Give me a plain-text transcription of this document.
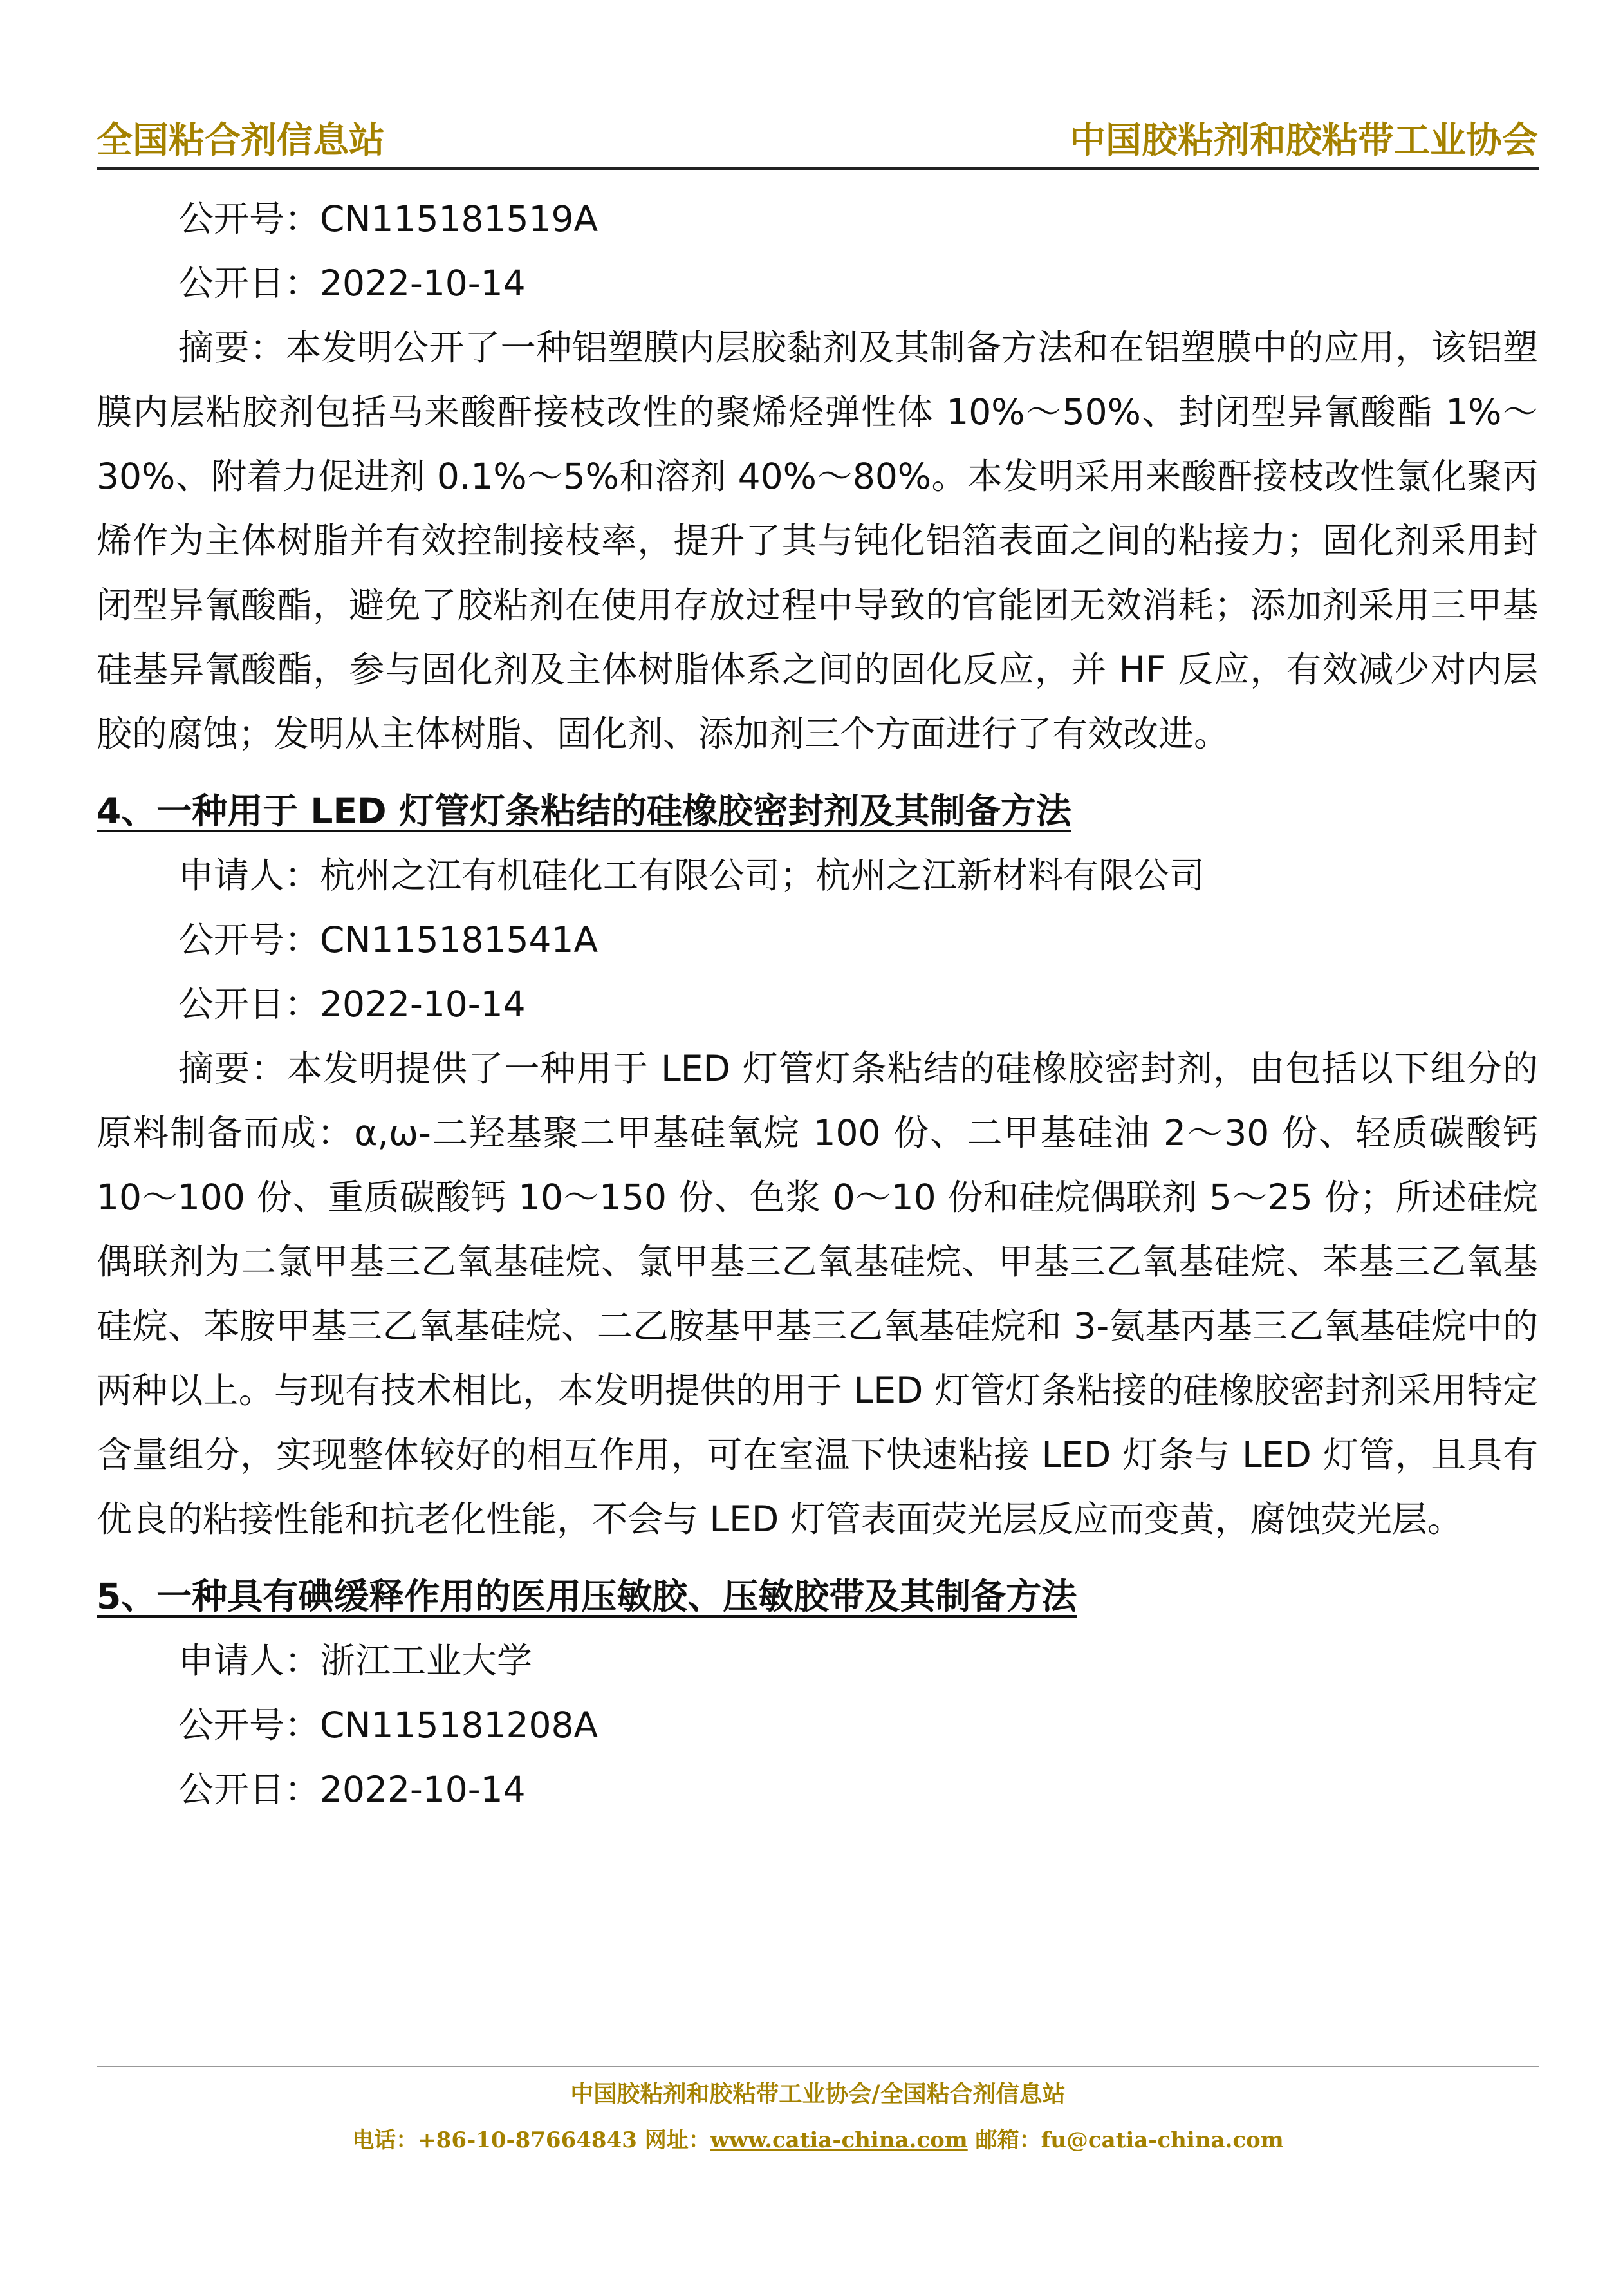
全国粘合剂信息站	中国胶粘剂和胶粘带工业协会
公开号：CN115181519A
公开日：2022-10-14

摘要：本发明公开了一种铝塑膜内层胶黏剂及其制备方法和在铝塑膜中的应用，该铝塑膜内层粘胶剂包括马来酸酐接枝改性的聚烯烃弹性体 10%～50%、封闭型异氰酸酯 1%～30%、附着力促进剂 0.1%～5%和溶剂 40%～80%。本发明采用来酸酐接枝改性氯化聚丙烯作为主体树脂并有效控制接枝率，提升了其与钝化铝箔表面之间的粘接力；固化剂采用封闭型异氰酸酯，避免了胶粘剂在使用存放过程中导致的官能团无效消耗；添加剂采用三甲基硅基异氰酸酯，参与固化剂及主体树脂体系之间的固化反应，并 HF 反应，有效减少对内层胶的腐蚀；发明从主体树脂、固化剂、添加剂三个方面进行了有效改进。

4、一种用于 LED 灯管灯条粘结的硅橡胶密封剂及其制备方法
申请人：杭州之江有机硅化工有限公司；杭州之江新材料有限公司
公开号：CN115181541A
公开日：2022-10-14

摘要：本发明提供了一种用于 LED 灯管灯条粘结的硅橡胶密封剂，由包括以下组分的原料制备而成：α,ω-二羟基聚二甲基硅氧烷 100 份、二甲基硅油 2～30 份、轻质碳酸钙 10～100 份、重质碳酸钙 10～150 份、色浆 0～10 份和硅烷偶联剂 5～25 份；所述硅烷偶联剂为二氯甲基三乙氧基硅烷、氯甲基三乙氧基硅烷、甲基三乙氧基硅烷、苯基三乙氧基硅烷、苯胺甲基三乙氧基硅烷、二乙胺基甲基三乙氧基硅烷和 3-氨基丙基三乙氧基硅烷中的两种以上。与现有技术相比，本发明提供的用于 LED 灯管灯条粘接的硅橡胶密封剂采用特定含量组分，实现整体较好的相互作用，可在室温下快速粘接 LED 灯条与 LED 灯管，且具有优良的粘接性能和抗老化性能，不会与 LED 灯管表面荧光层反应而变黄，腐蚀荧光层。

5、一种具有碘缓释作用的医用压敏胶、压敏胶带及其制备方法
申请人：浙江工业大学
公开号：CN115181208A
公开日：2022-10-14
中国胶粘剂和胶粘带工业协会/全国粘合剂信息站
电话：+86-10-87664843 网址：www.catia-china.com 邮箱：fu@catia-china.com
